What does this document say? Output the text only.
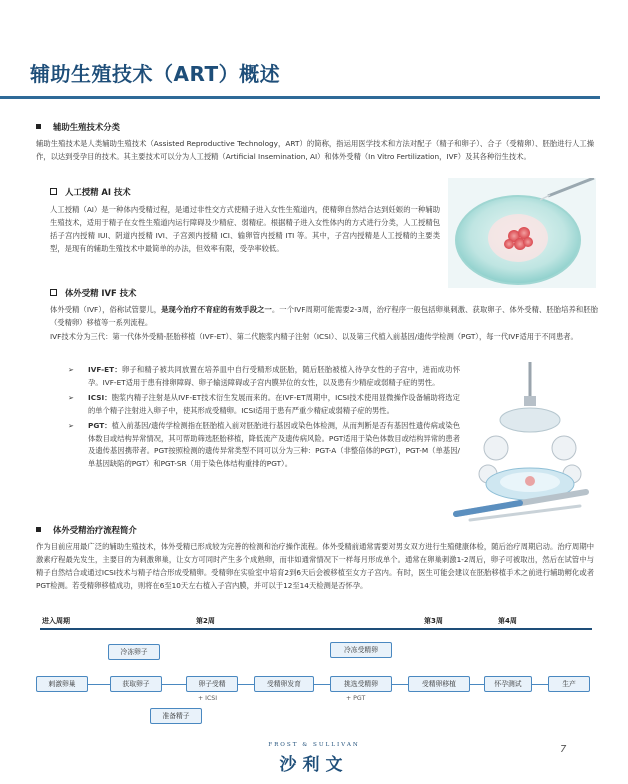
辅助生殖技术（ART）概述
辅助生殖技术分类
辅助生殖技术是人类辅助生殖技术（Assisted Reproductive Technology，ART）的简称，指运用医学技术和方法对配子（精子和卵子）、合子（受精卵）、胚胎进行人工操作，以达到受孕目的技术。其主要技术可以分为人工授精（Artificial Insemination, AI）和体外受精（In Vitro Fertilization，IVF）及其各种衍生技术。
人工授精 AI 技术
人工授精（AI）是一种体内受精过程，是通过非性交方式使精子进入女性生殖道内，使精卵自然结合达到妊娠的一种辅助生殖技术，适用于精子在女性生殖道内运行障碍及少精症、弱精症。根据精子进入女性体内的方式进行分类，人工授精包括子宫内授精 IUI、阴道内授精 IVI、子宫颈内授精 ICI、输卵管内授精 ITI 等。其中，子宫内授精是人工授精的主要类型，是现有的辅助生殖技术中最简单的办法，但效率有限，受孕率较低。
体外受精 IVF 技术
体外受精（IVF），俗称试管婴儿，是现今治疗不育症的有效手段之一。一个IVF周期可能需要2-3周，治疗程序一般包括卵巢刺激、获取卵子、体外受精、胚胎培养和胚胎（受精卵）移植等一系列流程。
IVF技术分为三代：第一代体外受精-胚胎移植（IVF-ET）、第二代胞浆内精子注射（ICSI）、以及第三代植入前基因/遗传学检测（PGT），每一代IVF适用于不同患者。
➢ IVF-ET：卵子和精子被共同放置在培养皿中自行受精形成胚胎，随后胚胎被植入待孕女性的子宫中，进而成功怀孕。IVF-ET适用于患有排卵障碍、卵子输送障碍或子宫内膜异位的女性，以及患有少精症或弱精子症的男性。
➢ ICSI：胞浆内精子注射是从IVF-ET技术衍生发展而来的。在IVF-ET周期中，ICSI技术使用显微操作设备辅助将选定的单个精子注射进入卵子中，使其形成受精卵。ICSI适用于患有严重少精症或弱精子症的男性。
➢ PGT：植入前基因/遗传学检测指在胚胎植入前对胚胎进行基因或染色体检测，从而判断是否有基因性遗传病或染色体数目或结构异常情况，其可帮助筛选胚胎移植，降低流产及遗传病风险。PGT适用于染色体数目或结构异常的患者及遗传基因携带者。PGT按照检测的遗传异常类型不同可以分为三种：PGT-A（非整倍体的PGT），PGT-M（单基因/单基因缺陷的PGT）和PGT-SR（用于染色体结构重排的PGT）。
体外受精治疗流程简介
作为目前应用最广泛的辅助生殖技术，体外受精已形成较为完善的检测和治疗操作流程。体外受精前通常需要对男女双方进行生殖健康体检，随后治疗周期启动。治疗周期中激素疗程最先发生，主要目的为刺激卵巢，让女方可同时产生多个成熟卵，而非如通常情况下一样每月形成单个。通常在卵巢刺激1-2周后，卵子可被取出，然后在试管中与精子自然结合或通过ICSI技术与精子结合形成受精卵。受精卵在实验室中培育2到6天后会被移植至女方子宫内。有时，医生可能会建议在胚胎移植手术之前进行辅助孵化或者PGT检测。若受精卵移植成功，则将在6至10天左右植入子宫内膜，并可以于12至14天检测是否怀孕。
进入周期	第2周	第3周	第4周
冷冻卵子	冷冻受精卵
刺激卵巢	获取卵子	卵子受精	受精卵发育	挑选受精卵	受精卵移植	怀孕测试	生产
准备精子
+ ICSI	+ PGT
FROST & SULLIVAN
沙利文
7
